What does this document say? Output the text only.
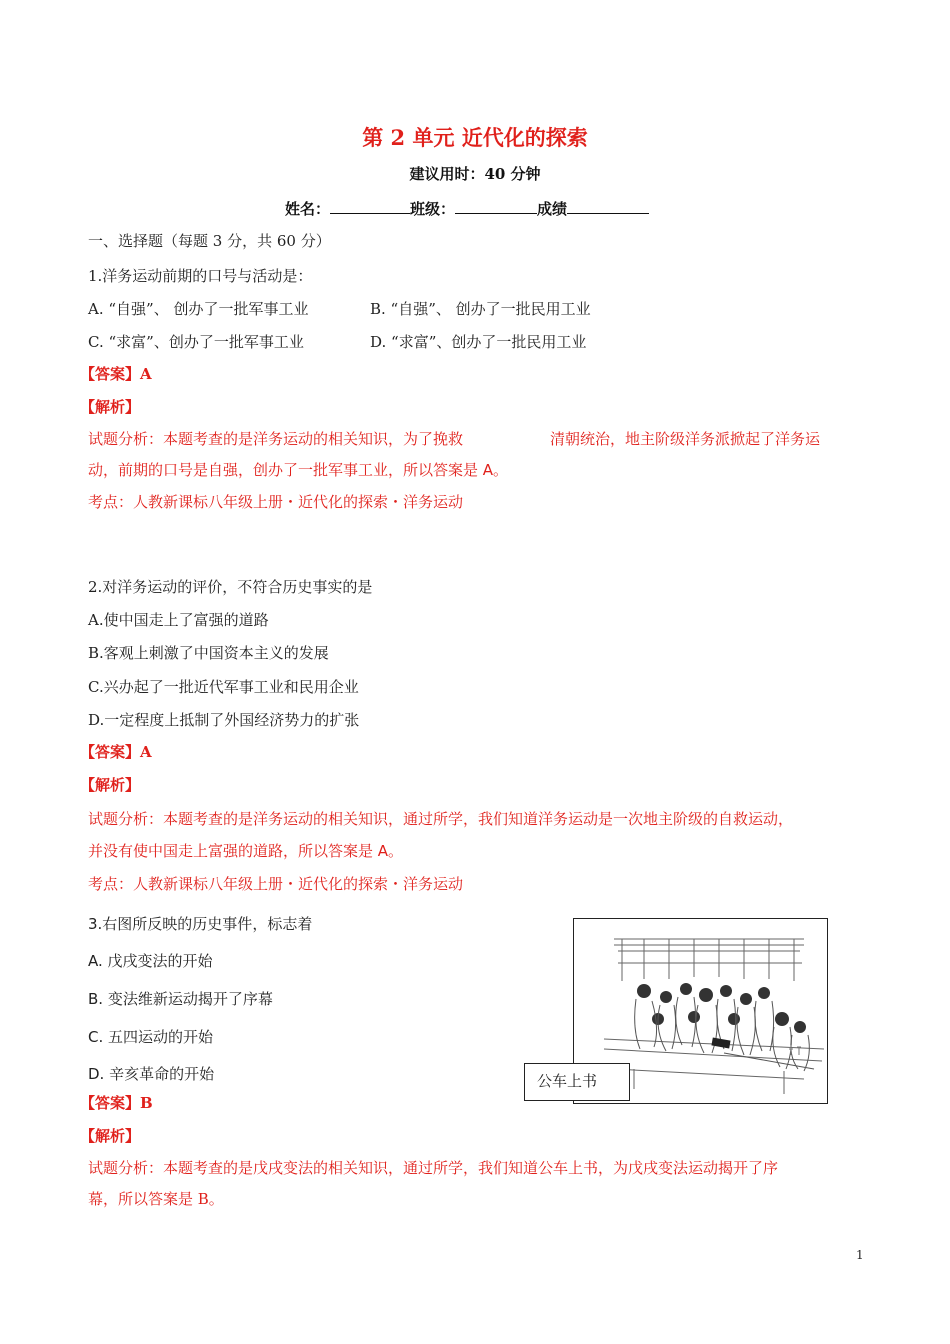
第 2 单元 近代化的探索
建议用时：40 分钟
姓名：	班级：	成绩
一、选择题（每题 3 分，共 60 分）
1.洋务运动前期的口号与活动是：
A. “自强”、 创办了一批军事工业	B. “自强”、 创办了一批民用工业
C. “求富”、创办了一批军事工业	D. “求富”、创办了一批民用工业
【答案】A
【解析】
试题分析：本题考查的是洋务运动的相关知识，为了挽救	清朝统治，地主阶级洋务派掀起了洋务运
动，前期的口号是自强，创办了一批军事工业，所以答案是 A。
考点：人教新课标八年级上册・近代化的探索・洋务运动
2.对洋务运动的评价，不符合历史事实的是
A.使中国走上了富强的道路
B.客观上刺激了中国资本主义的发展
C.兴办起了一批近代军事工业和民用企业
D.一定程度上抵制了外国经济势力的扩张
【答案】A
【解析】
试题分析：本题考查的是洋务运动的相关知识，通过所学，我们知道洋务运动是一次地主阶级的自救运动，
并没有使中国走上富强的道路，所以答案是 A。
考点：人教新课标八年级上册・近代化的探索・洋务运动
3.右图所反映的历史事件，标志着
A. 戊戌变法的开始
B. 变法维新运动揭开了序幕
C. 五四运动的开始
D. 辛亥革命的开始	公车上书
【答案】B
【解析】
试题分析：本题考查的是戊戌变法的相关知识，通过所学，我们知道公车上书，为戊戌变法运动揭开了序
幕，所以答案是 B。
1
